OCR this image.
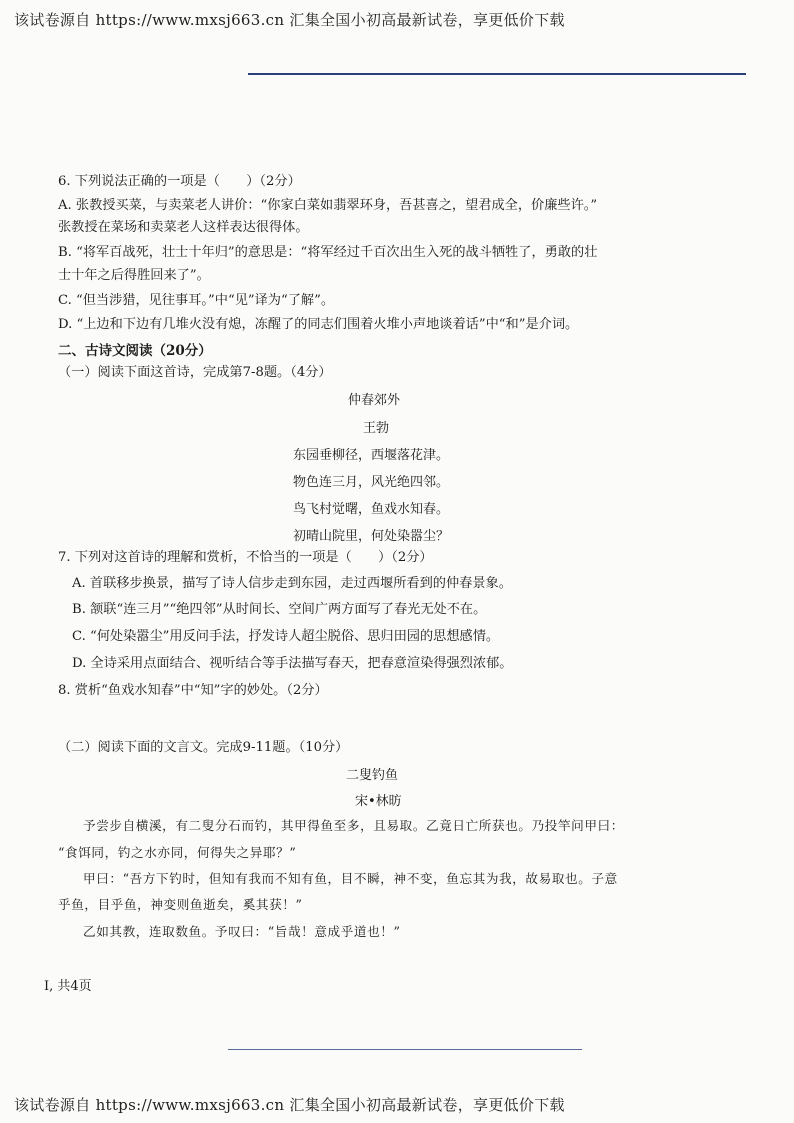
该试卷源自 https://www.mxsj663.cn 汇集全国小初高最新试卷，享更低价下载
6. 下列说法正确的一项是（　　）（2分）
A. 张教授买菜，与卖菜老人讲价：“你家白菜如翡翠环身，吾甚喜之，望君成全，价廉些许。”
张教授在菜场和卖菜老人这样表达很得体。
B. “将军百战死，壮士十年归”的意思是：“将军经过千百次出生入死的战斗牺牲了，勇敢的壮
士十年之后得胜回来了”。
C. “但当涉猎，见往事耳。”中“见”译为“了解”。
D. “上边和下边有几堆火没有熄，冻醒了的同志们围着火堆小声地谈着话”中“和”是介词。
二、古诗文阅读（20分）
（一）阅读下面这首诗，完成第7-8题。（4分）
仲春郊外
王勃
东园垂柳径，西堰落花津。
物色连三月，风光绝四邻。
鸟飞村觉曙，鱼戏水知春。
初晴山院里，何处染嚣尘？
7. 下列对这首诗的理解和赏析，不恰当的一项是（　　）（2分）
A. 首联移步换景，描写了诗人信步走到东园，走过西堰所看到的仲春景象。
B. 颔联“连三月”“绝四邻”从时间长、空间广两方面写了春光无处不在。
C. “何处染嚣尘”用反问手法，抒发诗人超尘脱俗、思归田园的思想感情。
D. 全诗采用点面结合、视听结合等手法描写春天，把春意渲染得强烈浓郁。
8. 赏析“鱼戏水知春”中“知”字的妙处。（2分）
（二）阅读下面的文言文。完成9-11题。（10分）
二叟钓鱼
宋•林昉
予尝步自横溪，有二叟分石而钓，其甲得鱼至多，且易取。乙竟日亡所获也。乃投竿问甲曰：
“食饵同，钓之水亦同，何得失之异耶？”
甲曰：“吾方下钓时，但知有我而不知有鱼，目不瞬，神不变，鱼忘其为我，故易取也。子意
乎鱼，目乎鱼，神变则鱼逝矣，奚其获！”
乙如其教，连取数鱼。予叹曰：“旨哉！意成乎道也！”
I, 共4页
该试卷源自 https://www.mxsj663.cn 汇集全国小初高最新试卷，享更低价下载
